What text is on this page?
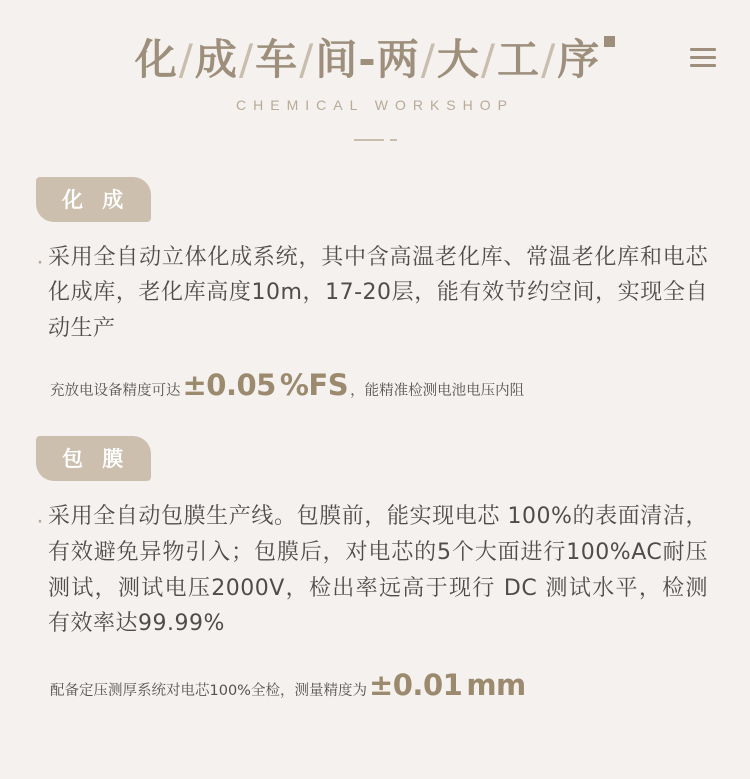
化/成/车/间-两/大/工/序
CHEMICAL WORKSHOP
化 成
· 采用全自动立体化成系统，其中含高温老化库、常温老化库和电芯化成库，老化库高度10m，17-20层，能有效节约空间，实现全自动生产
充放电设备精度可达 ±0.05 %FS ，能精准检测电池电压内阻
包 膜
· 采用全自动包膜生产线。包膜前，能实现电芯 100%的表面清洁，有效避免异物引入；包膜后，对电芯的5个大面进行100%AC耐压测试，测试电压2000V，检出率远高于现行 DC 测试水平，检测有效率达99.99%
配备定压测厚系统对电芯100%全检，测量精度为 ±0.01 mm
